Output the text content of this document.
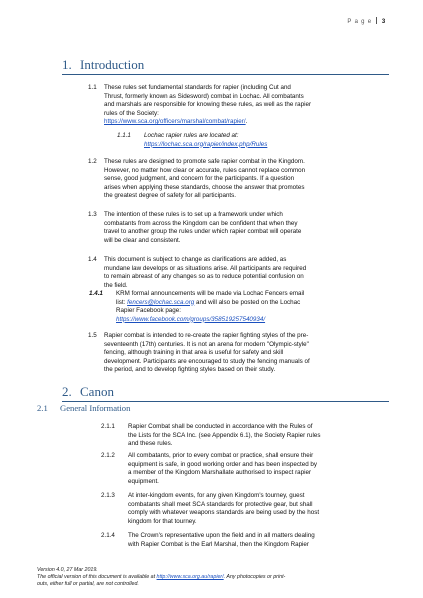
P a g e 3
1. Introduction
1.1 These rules set fundamental standards for rapier (including Cut and
Thrust, formerly known as Sidesword) combat in Lochac. All combatants
and marshals are responsible for knowing these rules, as well as the rapier
rules of the Society:
https://www.sca.org/officers/marshal/combat/rapier/.
1.1.1 Lochac rapier rules are located at:
https://lochac.sca.org/rapier/index.php/Rules
1.2 These rules are designed to promote safe rapier combat in the Kingdom.
However, no matter how clear or accurate, rules cannot replace common
sense, good judgment, and concern for the participants. If a question
arises when applying these standards, choose the answer that promotes
the greatest degree of safety for all participants.
1.3 The intention of these rules is to set up a framework under which
combatants from across the Kingdom can be confident that when they
travel to another group the rules under which rapier combat will operate
will be clear and consistent.
1.4 This document is subject to change as clarifications are added, as
mundane law develops or as situations arise. All participants are required
to remain abreast of any changes so as to reduce potential confusion on
the field.
1.4.1 KRM formal announcements will be made via Lochac Fencers email
list: fencers@lochac.sca.org and will also be posted on the Lochac
Rapier Facebook page:
https://www.facebook.com/groups/358519257540934/
1.5 Rapier combat is intended to re-create the rapier fighting styles of the pre-
seventeenth (17th) centuries. It is not an arena for modern "Olympic-style"
fencing, although training in that area is useful for safety and skill
development. Participants are encouraged to study the fencing manuals of
the period, and to develop fighting styles based on their study.
2. Canon
2.1 General Information
2.1.1 Rapier Combat shall be conducted in accordance with the Rules of
the Lists for the SCA Inc. (see Appendix 6.1), the Society Rapier rules
and these rules.
2.1.2 All combatants, prior to every combat or practice, shall ensure their
equipment is safe, in good working order and has been inspected by
a member of the Kingdom Marshallate authorised to inspect rapier
equipment.
2.1.3 At inter-kingdom events, for any given Kingdom's tourney, guest
combatants shall meet SCA standards for protective gear, but shall
comply with whatever weapons standards are being used by the host
kingdom for that tourney.
2.1.4 The Crown's representative upon the field and in all matters dealing
with Rapier Combat is the Earl Marshal, then the Kingdom Rapier
Version 4.0, 27 Mar 2019.
The official version of this document is available at http://www.sca.org.au/rapier/. Any photocopies or print-
outs, either full or partial, are not controlled.
